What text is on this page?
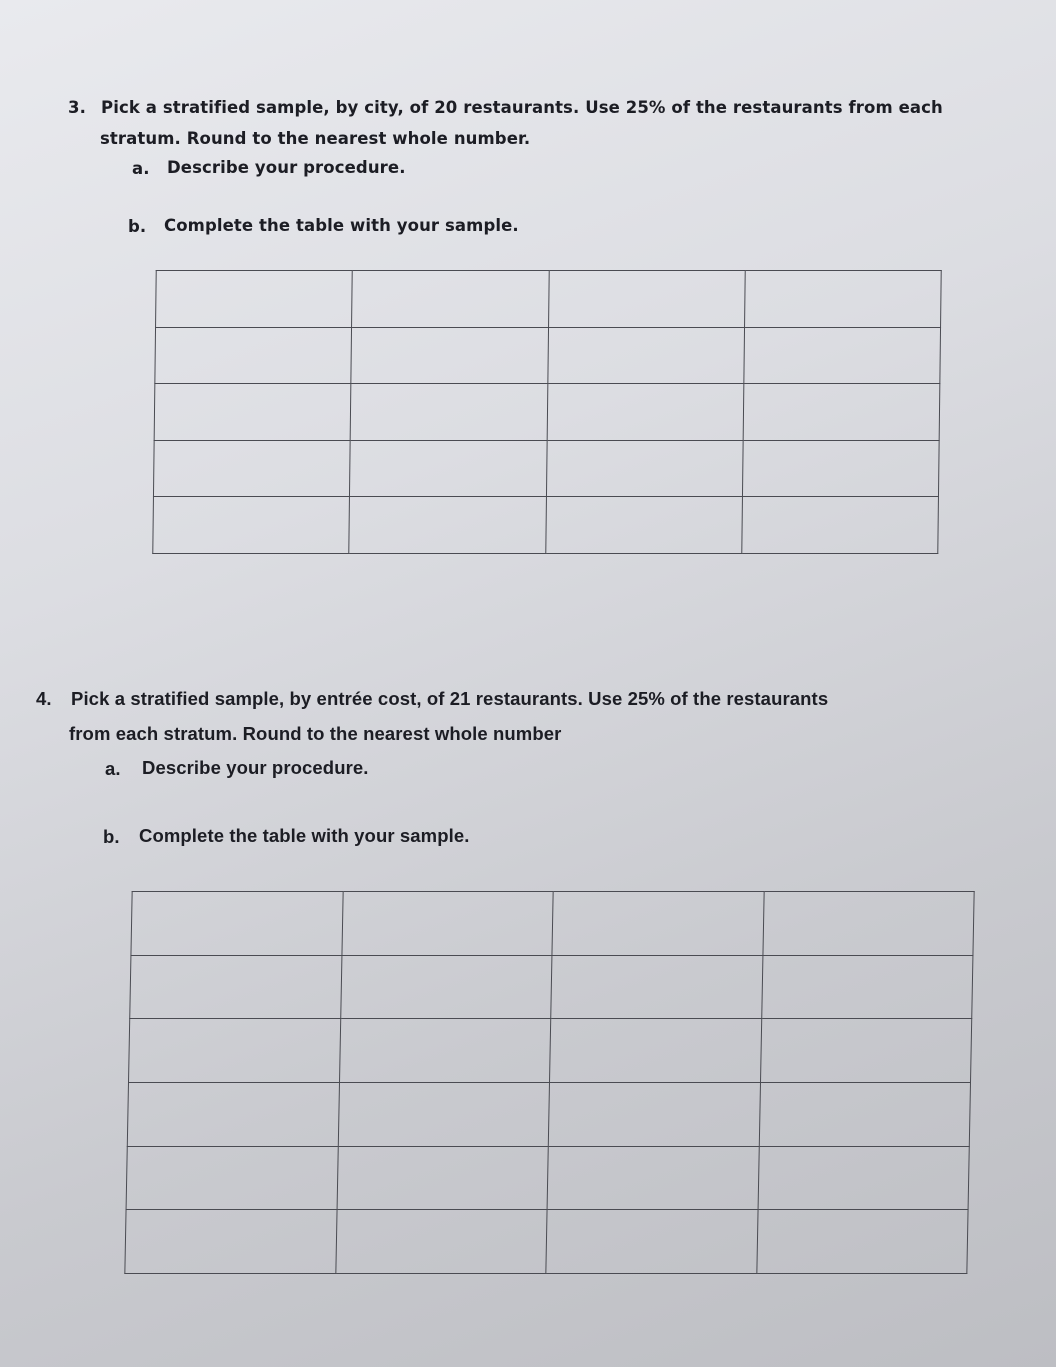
3. Pick a stratified sample, by city, of 20 restaurants. Use 25% of the restaurants from each
stratum. Round to the nearest whole number.
a. Describe your procedure.
b. Complete the table with your sample.

4. Pick a stratified sample, by entrée cost, of 21 restaurants. Use 25% of the restaurants
from each stratum. Round to the nearest whole number
a. Describe your procedure.
b. Complete the table with your sample.
